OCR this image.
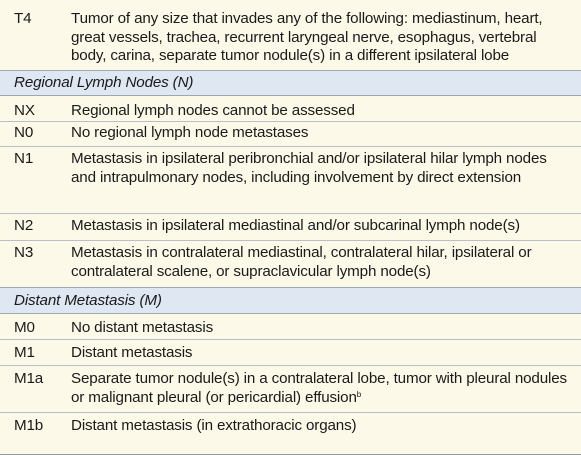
T4	Tumor of any size that invades any of the following: mediastinum, heart, great vessels, trachea, recurrent laryngeal nerve, esophagus, vertebral body, carina, separate tumor nodule(s) in a different ipsilateral lobe
Regional Lymph Nodes (N)
NX	Regional lymph nodes cannot be assessed
N0	No regional lymph node metastases
N1	Metastasis in ipsilateral peribronchial and/or ipsilateral hilar lymph nodes and intrapulmonary nodes, including involvement by direct extension
N2	Metastasis in ipsilateral mediastinal and/or subcarinal lymph node(s)
N3	Metastasis in contralateral mediastinal, contralateral hilar, ipsilateral or contralateral scalene, or supraclavicular lymph node(s)
Distant Metastasis (M)
M0	No distant metastasis
M1	Distant metastasis
M1a	Separate tumor nodule(s) in a contralateral lobe, tumor with pleural nodules or malignant pleural (or pericardial) effusion$^b$
M1b	Distant metastasis (in extrathoracic organs)
